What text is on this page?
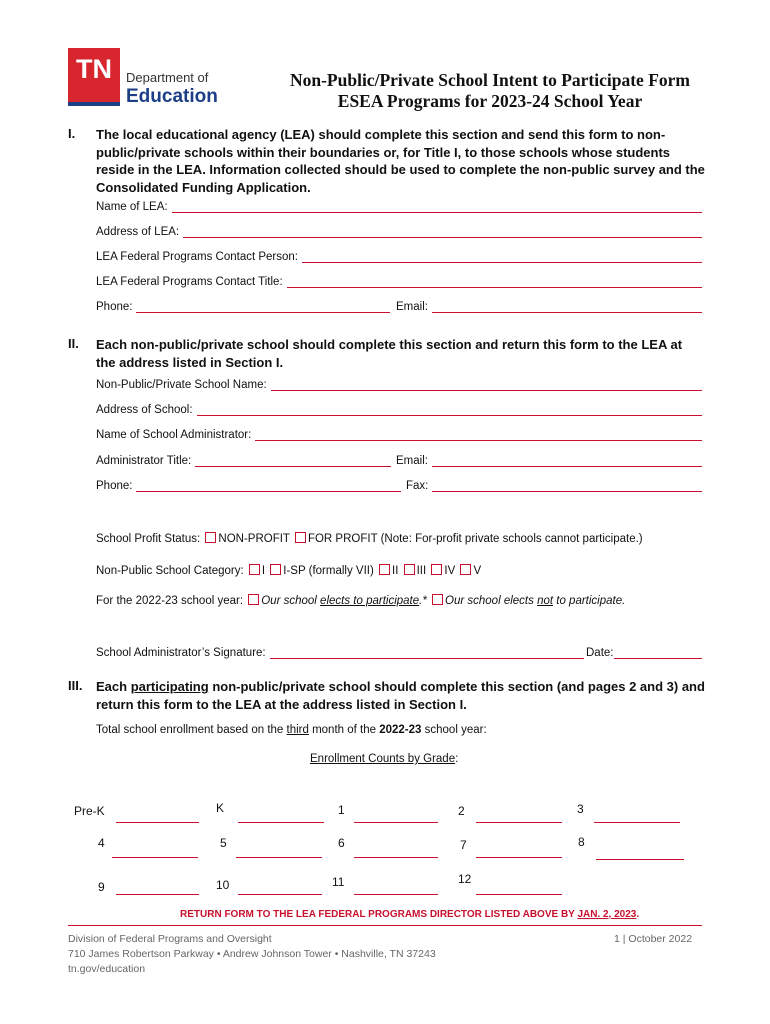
TN	Department of
Education
Non-Public/Private School Intent to Participate Form
ESEA Programs for 2023-24 School Year
I. The local educational agency (LEA) should complete this section and send this form to non-public/private schools within their boundaries or, for Title I, to those schools whose students reside in the LEA. Information collected should be used to complete the non-public survey and the Consolidated Funding Application.
Name of LEA:
Address of LEA:
LEA Federal Programs Contact Person:
LEA Federal Programs Contact Title:
Phone:	Email:
II. Each non-public/private school should complete this section and return this form to the LEA at the address listed in Section I.
Non-Public/Private School Name:
Address of School:
Name of School Administrator:
Administrator Title:	Email:
Phone:	Fax:
School Profit Status: NON-PROFIT FOR PROFIT (Note: For-profit private schools cannot participate.)
Non-Public School Category: I I-SP (formally VII) II III IV V
For the 2022-23 school year: Our school elects to participate.* Our school elects not to participate.
School Administrator’s Signature:	Date:
III. Each participating non-public/private school should complete this section (and pages 2 and 3) and return this form to the LEA at the address listed in Section I.
Total school enrollment based on the third month of the 2022-23 school year:
Enrollment Counts by Grade:
Pre-K	K	1	2	3
4	5	6	7	8
9	10	11	12
RETURN FORM TO THE LEA FEDERAL PROGRAMS DIRECTOR LISTED ABOVE BY JAN. 2, 2023.
Division of Federal Programs and Oversight
710 James Robertson Parkway • Andrew Johnson Tower • Nashville, TN 37243
tn.gov/education
1 | October 2022
